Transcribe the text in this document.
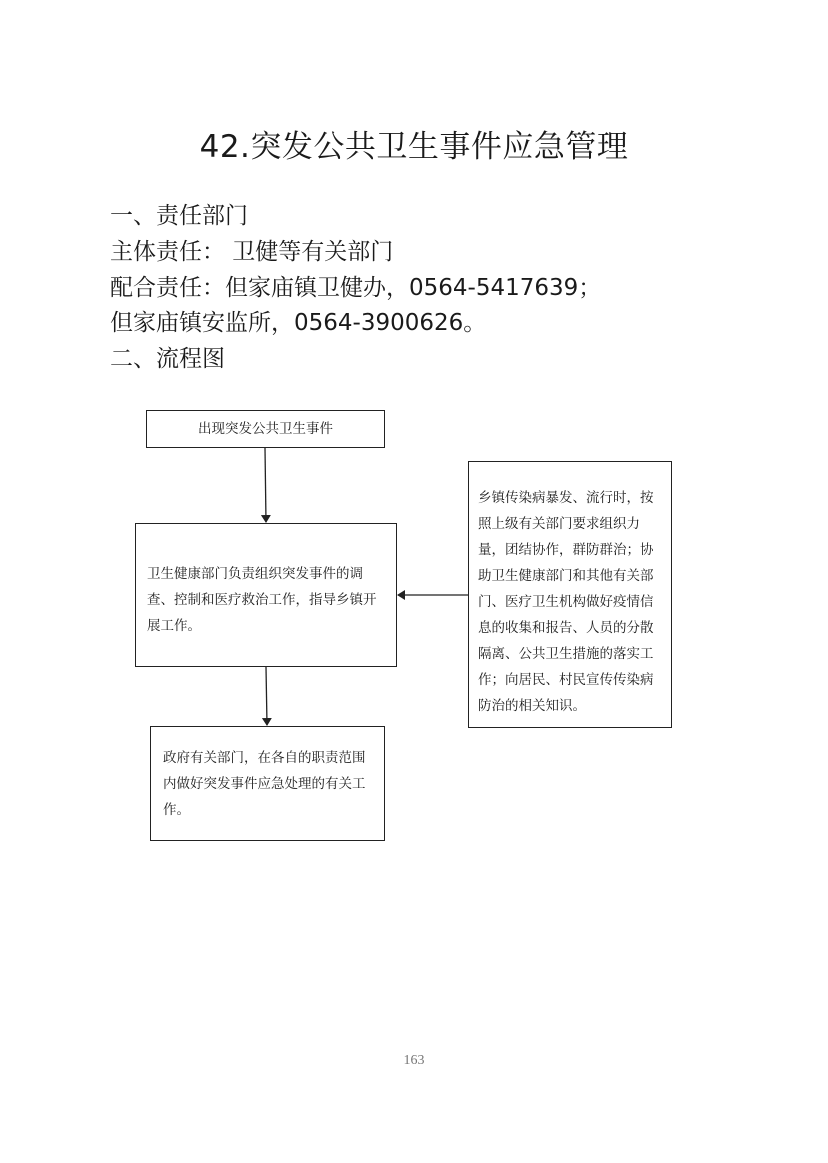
42.突发公共卫生事件应急管理
一、责任部门
主体责任： 卫健等有关部门
配合责任：但家庙镇卫健办，0564-5417639；
但家庙镇安监所，0564-3900626。
二、流程图
出现突发公共卫生事件
卫生健康部门负责组织突发事件的调查、控制和医疗救治工作，指导乡镇开展工作。
政府有关部门，在各自的职责范围内做好突发事件应急处理的有关工作。
乡镇传染病暴发、流行时，按照上级有关部门要求组织力量，团结协作，群防群治；协助卫生健康部门和其他有关部门、医疗卫生机构做好疫情信息的收集和报告、人员的分散隔离、公共卫生措施的落实工作；向居民、村民宣传传染病防治的相关知识。
163
